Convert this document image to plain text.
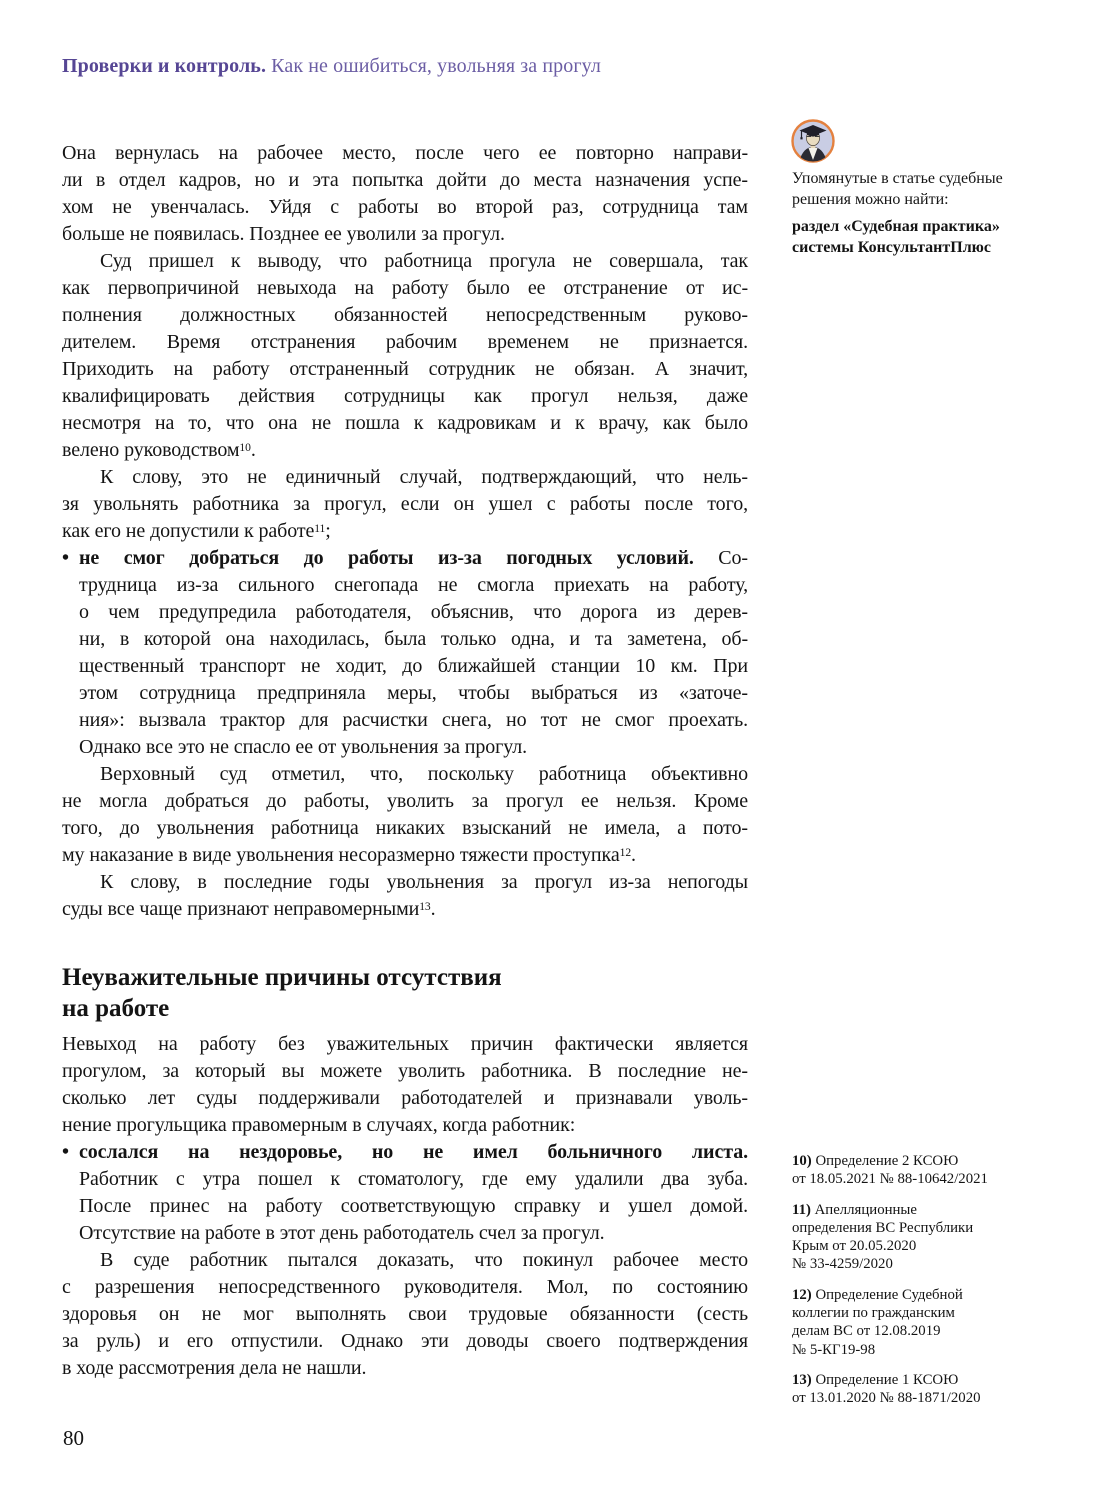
Проверки и контроль. Как не ошибиться, увольняя за прогул
Она вернулась на рабочее место, после чего ее повторно направи-
ли в отдел кадров, но и эта попытка дойти до места назначения успе-
хом не увенчалась. Уйдя с работы во второй раз, сотрудница там
больше не появилась. Позднее ее уволили за прогул.
Суд пришел к выводу, что работница прогула не совершала, так
как первопричиной невыхода на работу было ее отстранение от ис-
полнения должностных обязанностей непосредственным руково-
дителем. Время отстранения рабочим временем не признается.
Приходить на работу отстраненный сотрудник не обязан. А значит,
квалифицировать действия сотрудницы как прогул нельзя, даже
несмотря на то, что она не пошла к кадровикам и к врачу, как было
велено руководством$^{10}$.
К слову, это не единичный случай, подтверждающий, что нель-
зя увольнять работника за прогул, если он ушел с работы после того,
как его не допустили к работе$^{11}$;
• не смог добраться до работы из-за погодных условий. Со-
трудница из-за сильного снегопада не смогла приехать на работу,
о чем предупредила работодателя, объяснив, что дорога из дерев-
ни, в которой она находилась, была только одна, и та заметена, об-
щественный транспорт не ходит, до ближайшей станции 10 км. При
этом сотрудница предприняла меры, чтобы выбраться из «заточе-
ния»: вызвала трактор для расчистки снега, но тот не смог проехать.
Однако все это не спасло ее от увольнения за прогул.
Верховный суд отметил, что, поскольку работница объективно
не могла добраться до работы, уволить за прогул ее нельзя. Кроме
того, до увольнения работница никаких взысканий не имела, а пото-
му наказание в виде увольнения несоразмерно тяжести проступка$^{12}$.
К слову, в последние годы увольнения за прогул из-за непогоды
суды все чаще признают неправомерными$^{13}$.
Неуважительные причины отсутствия
на работе
Невыход на работу без уважительных причин фактически является
прогулом, за который вы можете уволить работника. В последние не-
сколько лет суды поддерживали работодателей и признавали уволь-
нение прогульщика правомерным в случаях, когда работник:
• сослался на нездоровье, но не имел больничного листа.
Работник с утра пошел к стоматологу, где ему удалили два зуба.
После принес на работу соответствующую справку и ушел домой.
Отсутствие на работе в этот день работодатель счел за прогул.
В суде работник пытался доказать, что покинул рабочее место
с разрешения непосредственного руководителя. Мол, по состоянию
здоровья он не мог выполнять свои трудовые обязанности (сесть
за руль) и его отпустили. Однако эти доводы своего подтверждения
в ходе рассмотрения дела не нашли.
Упомянутые в статье судебные
решения можно найти:
раздел «Судебная практика»
системы КонсультантПлюс
10) Определение 2 КСОЮ
от 18.05.2021 № 88-10642/2021
11) Апелляционные
определения ВС Республики
Крым от 20.05.2020
№ 33-4259/2020
12) Определение Судебной
коллегии по гражданским
делам ВС от 12.08.2019
№ 5-КГ19-98
13) Определение 1 КСОЮ
от 13.01.2020 № 88-1871/2020
80
